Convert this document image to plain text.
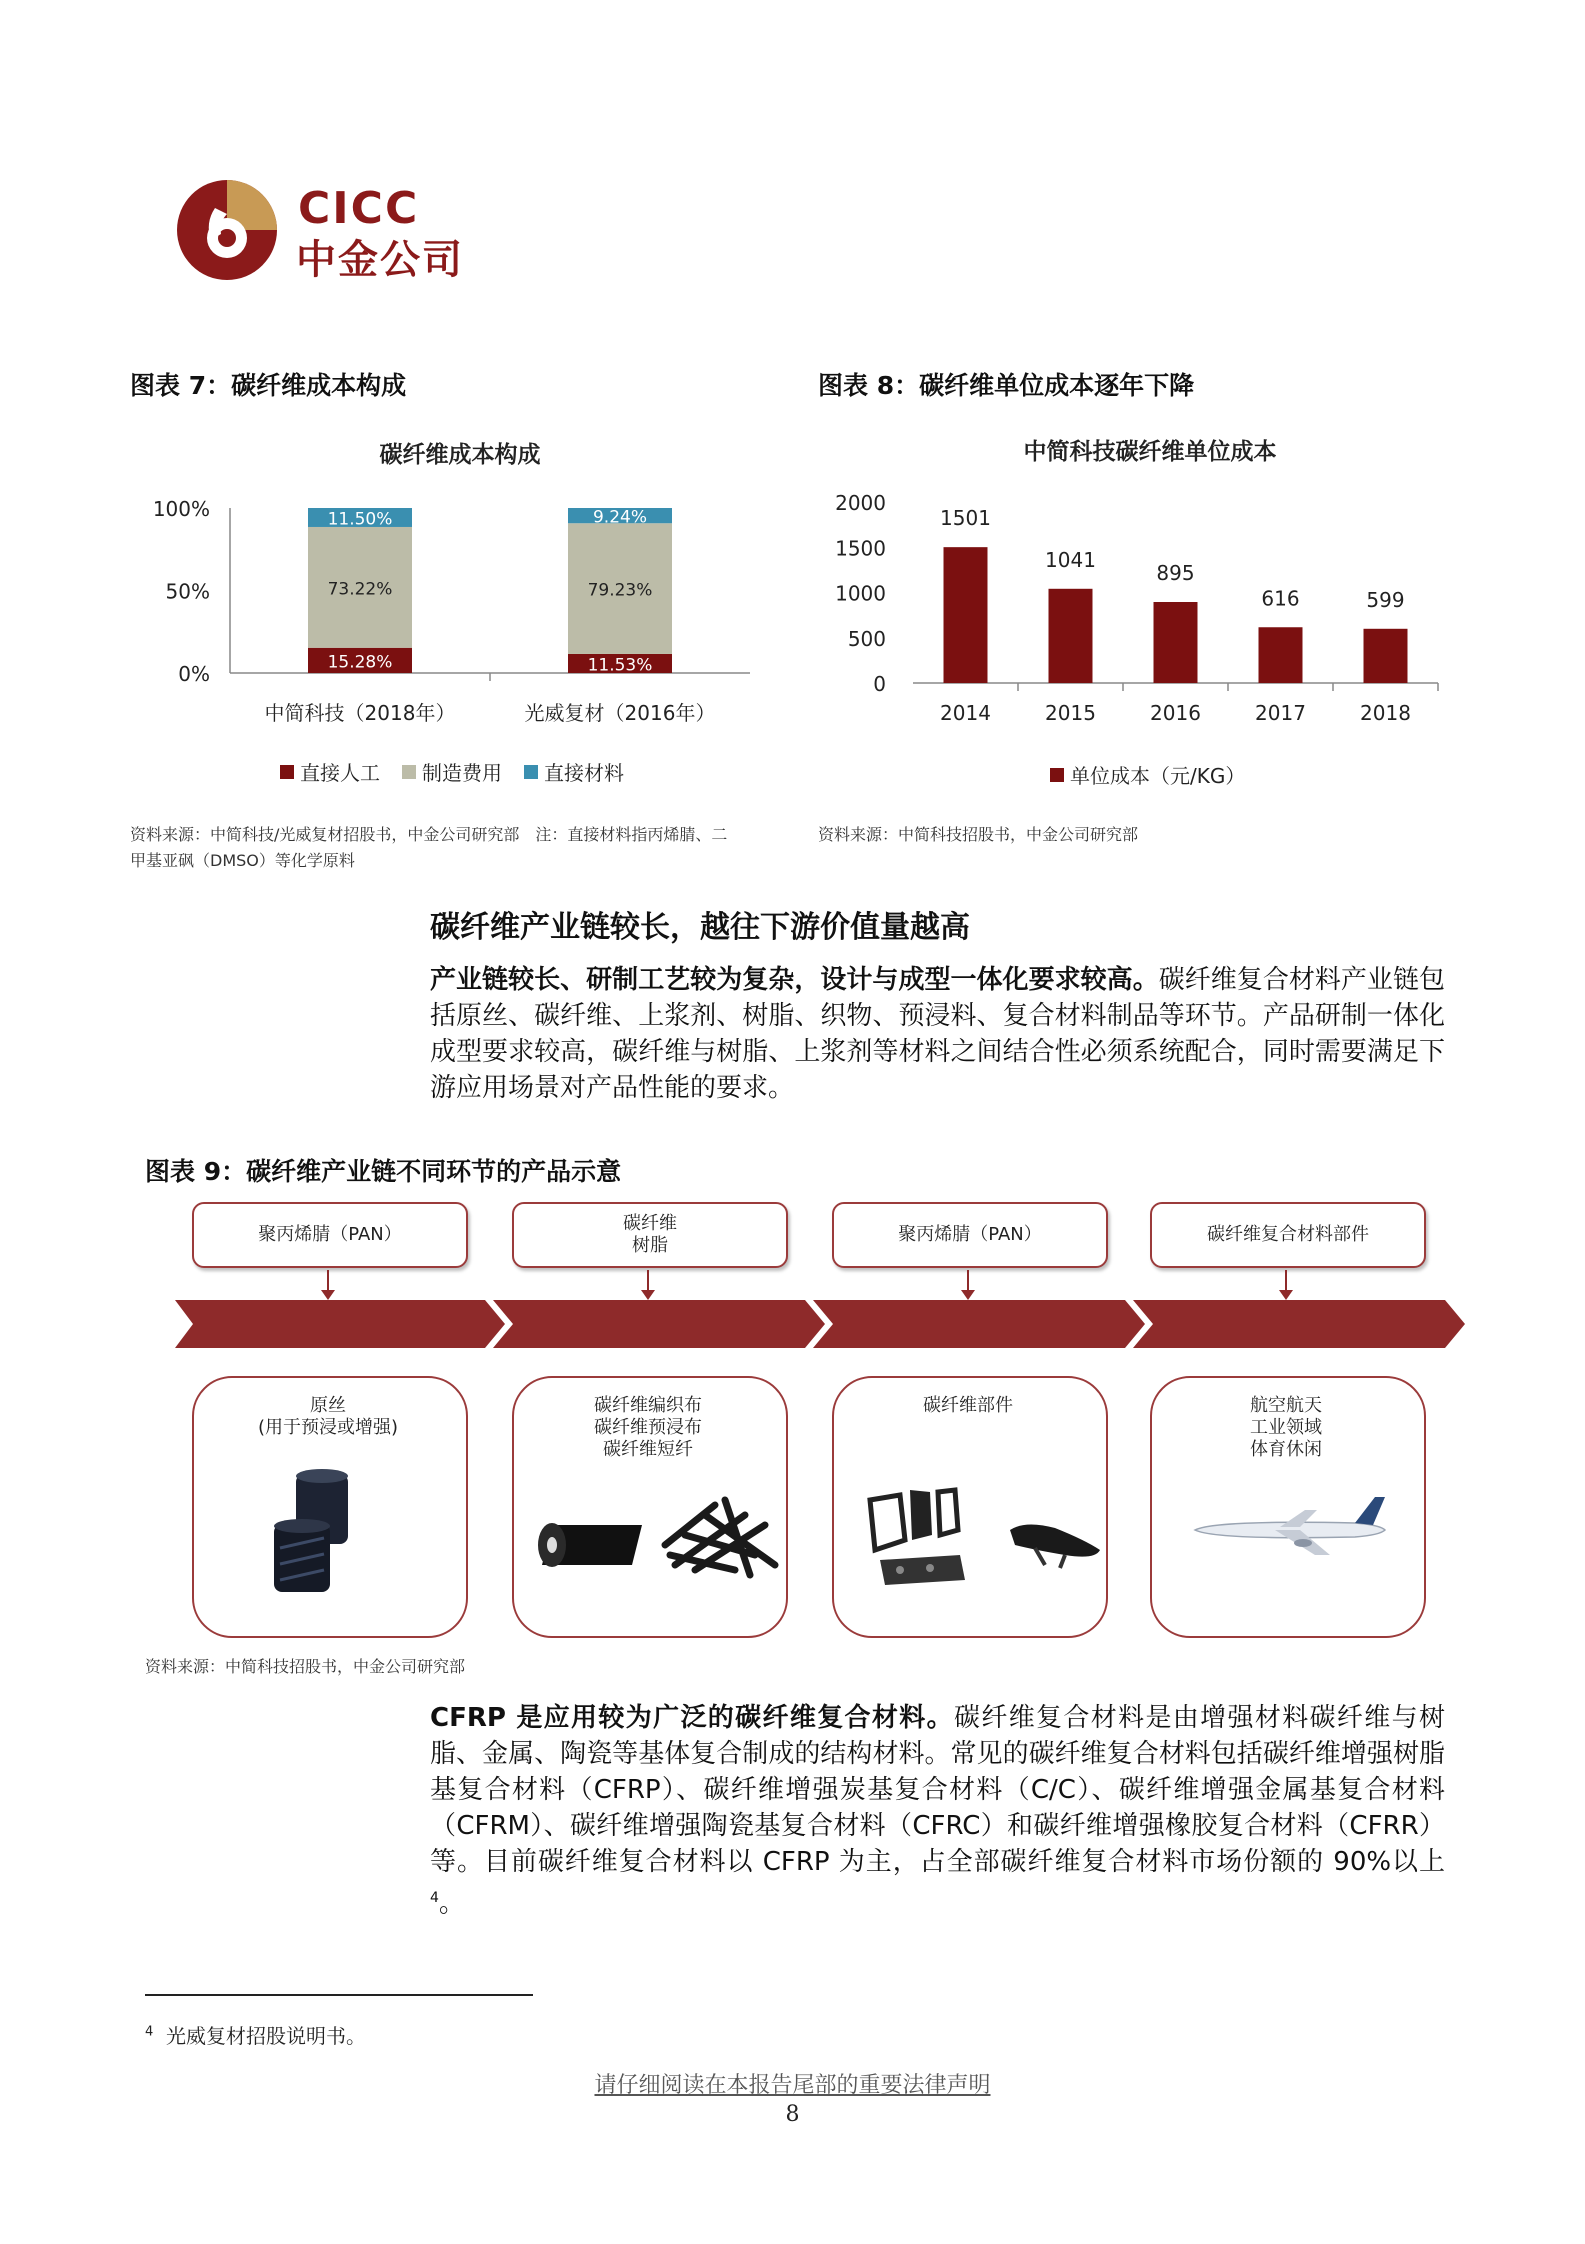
CICC
中金公司
图表 7：碳纤维成本构成
碳纤维成本构成
0%
50%
100%
15.28%
73.22%
11.50%
中简科技（2018年）
11.53%
79.23%
9.24%
光威复材（2016年）
直接人工 制造费用 直接材料
资料来源：中简科技/光威复材招股书，中金公司研究部　注：直接材料指丙烯腈、二
甲基亚砜（DMSO）等化学原料
图表 8：碳纤维单位成本逐年下降
中简科技碳纤维单位成本
0
500
1000
1500
2000
1501
2014
1041
2015
895
2016
616
2017
599
2018
单位成本（元/KG）
资料来源：中简科技招股书，中金公司研究部
碳纤维产业链较长，越往下游价值量越高
产业链较长、研制工艺较为复杂，设计与成型一体化要求较高。碳纤维复合材料产业链包括原丝、碳纤维、上浆剂、树脂、织物、预浸料、复合材料制品等环节。产品研制一体化成型要求较高，碳纤维与树脂、上浆剂等材料之间结合性必须系统配合，同时需要满足下游应用场景对产品性能的要求。
图表 9：碳纤维产业链不同环节的产品示意
聚丙烯腈（PAN）
碳纤维
树脂
聚丙烯腈（PAN）	碳纤维复合材料部件
原丝
(用于预浸或增强)
碳纤维编织布
碳纤维预浸布
碳纤维短纤
碳纤维部件	航空航天
工业领域
体育休闲
资料来源：中简科技招股书，中金公司研究部
CFRP 是应用较为广泛的碳纤维复合材料。碳纤维复合材料是由增强材料碳纤维与树脂、金属、陶瓷等基体复合制成的结构材料。常见的碳纤维复合材料包括碳纤维增强树脂基复合材料（CFRP）、碳纤维增强炭基复合材料（C/C）、碳纤维增强金属基复合材料（CFRM）、碳纤维增强陶瓷基复合材料（CFRC）和碳纤维增强橡胶复合材料（CFRR）等。目前碳纤维复合材料以 CFRP 为主，占全部碳纤维复合材料市场份额的 90%以上$^4$。
$^4$ 光威复材招股说明书。
请仔细阅读在本报告尾部的重要法律声明
8
